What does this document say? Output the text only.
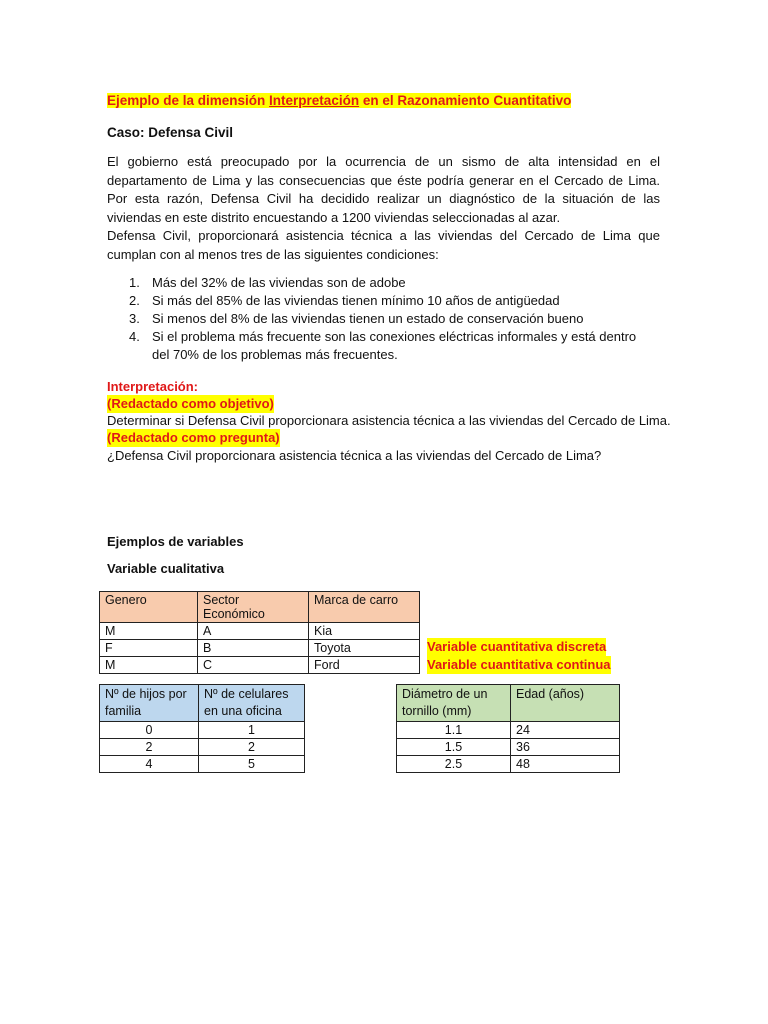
Ejemplo de la dimensión Interpretación en el Razonamiento Cuantitativo
Caso: Defensa Civil
El gobierno está preocupado por la ocurrencia de un sismo de alta intensidad en el departamento de Lima y las consecuencias que éste podría generar en el Cercado de Lima. Por esta razón, Defensa Civil ha decidido realizar un diagnóstico de la situación de las viviendas en este distrito encuestando a 1200 viviendas seleccionadas al azar.
Defensa Civil, proporcionará asistencia técnica a las viviendas del Cercado de Lima que cumplan con al menos tres de las siguientes condiciones:
1. Más del 32% de las viviendas son de adobe
2. Si más del 85% de las viviendas tienen mínimo 10 años de antigüedad
3. Si menos del 8% de las viviendas tienen un estado de conservación bueno
4. Si el problema más frecuente son las conexiones eléctricas informales y está dentro del 70% de los problemas más frecuentes.
Interpretación:
(Redactado como objetivo)
Determinar si Defensa Civil proporcionara asistencia técnica a las viviendas del Cercado de Lima.
(Redactado como pregunta)
¿Defensa Civil proporcionara asistencia técnica a las viviendas del Cercado de Lima?
Ejemplos de variables
Variable cualitativa
Genero	Sector Económico	Marca de carro
M	A	Kia
F	B	Toyota
M	C	Ford
Variable cuantitativa discreta
Variable cuantitativa continua
Nº de hijos por familia	Nº de celulares en una oficina
0	1
2	2
4	5
Diámetro de un tornillo (mm)	Edad (años)
1.1	24
1.5	36
2.5	48
